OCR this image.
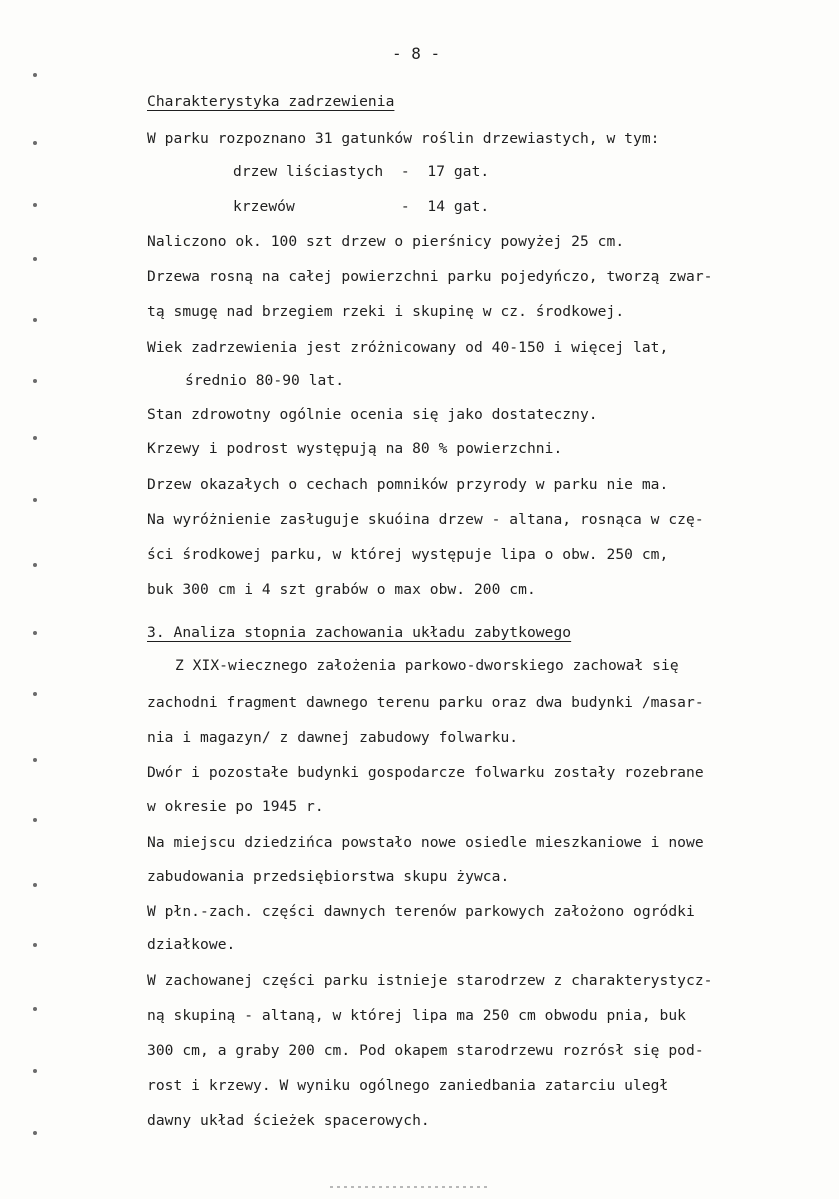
- 8 -
Charakterystyka zadrzewienia
W parku rozpoznano 31 gatunków roślin drzewiastych, w tym:
drzew liściastych  -  17 gat.
krzewów            -  14 gat.
Naliczono ok. 100 szt drzew o pierśnicy powyżej 25 cm.
Drzewa rosną na całej powierzchni parku pojedyńczo, tworzą zwar-
tą smugę nad brzegiem rzeki i skupinę w cz. środkowej.
Wiek zadrzewienia jest zróżnicowany od 40-150 i więcej lat,
średnio 80-90 lat.
Stan zdrowotny ogólnie ocenia się jako dostateczny.
Krzewy i podrost występują na 80 % powierzchni.
Drzew okazałych o cechach pomników przyrody w parku nie ma.
Na wyróżnienie zasługuje skuóina drzew - altana, rosnąca w czę-
ści środkowej parku, w której występuje lipa o obw. 250 cm,
buk 300 cm i 4 szt grabów o max obw. 200 cm.
3. Analiza stopnia zachowania układu zabytkowego
Z XIX-wiecznego założenia parkowo-dworskiego zachował się
zachodni fragment dawnego terenu parku oraz dwa budynki /masar-
nia i magazyn/ z dawnej zabudowy folwarku.
Dwór i pozostałe budynki gospodarcze folwarku zostały rozebrane
w okresie po 1945 r.
Na miejscu dziedzińca powstało nowe osiedle mieszkaniowe i nowe
zabudowania przedsiębiorstwa skupu żywca.
W płn.-zach. części dawnych terenów parkowych założono ogródki
działkowe.
W zachowanej części parku istnieje starodrzew z charakterystycz-
ną skupiną - altaną, w której lipa ma 250 cm obwodu pnia, buk
300 cm, a graby 200 cm. Pod okapem starodrzewu rozrósł się pod-
rost i krzewy. W wyniku ogólnego zaniedbania zatarciu uległ
dawny układ ścieżek spacerowych.
